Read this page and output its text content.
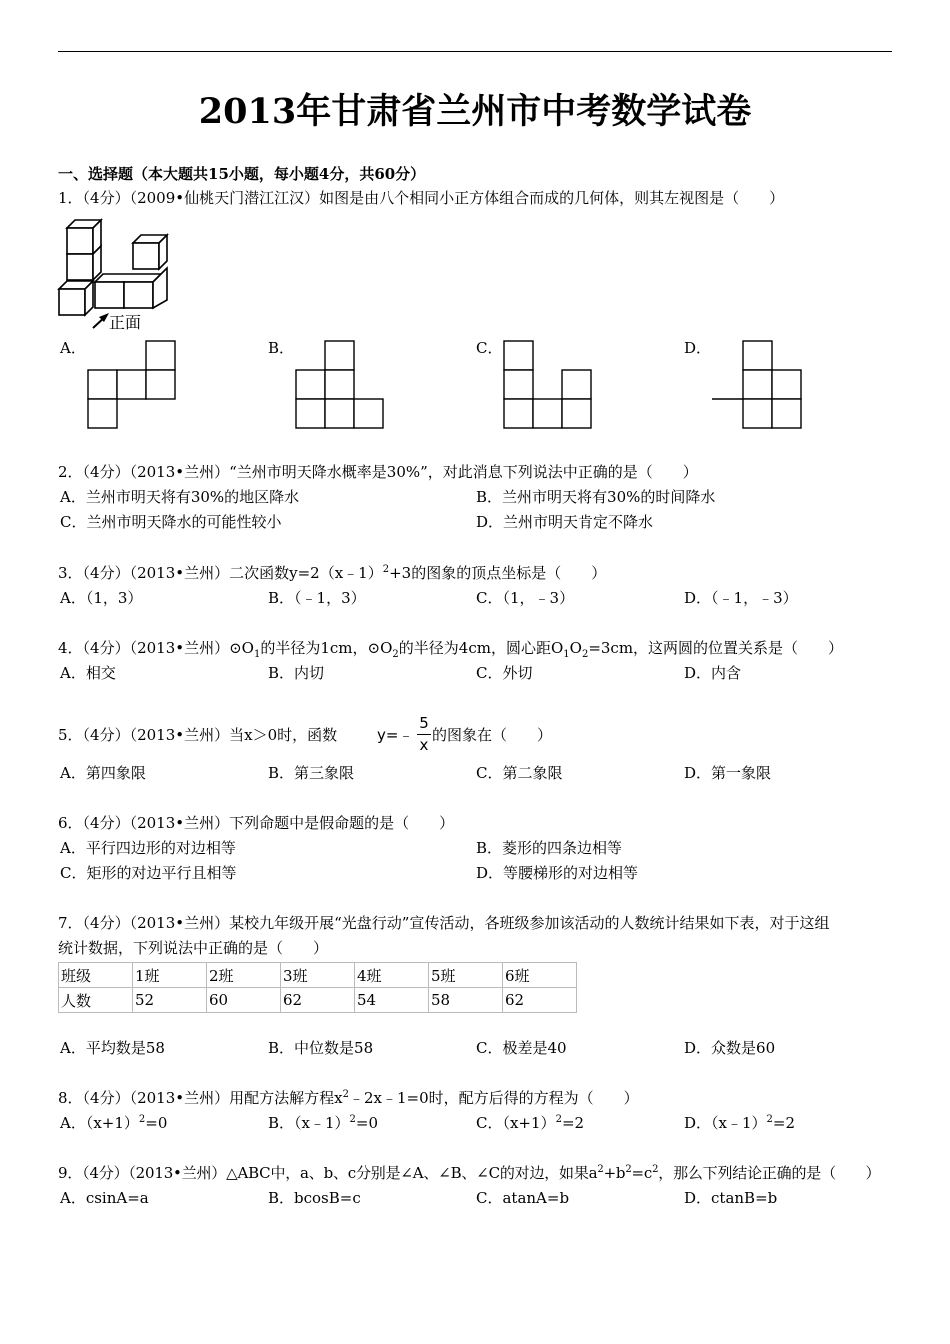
2013年甘肃省兰州市中考数学试卷
一、选择题（本大题共15小题，每小题4分，共60分）
1．（4分）（2009•仙桃天门潜江江汉）如图是由八个相同小正方体组合而成的几何体，则其左视图是（　　）
正面
A．	B．	C．	D．
2．（4分）（2013•兰州）“兰州市明天降水概率是30%”，对此消息下列说法中正确的是（　　）
A．兰州市明天将有30%的地区降水	B．兰州市明天将有30%的时间降水
C．兰州市明天降水的可能性较小	D．兰州市明天肯定不降水
3．（4分）（2013•兰州）二次函数y=2（x﹣1）$^2$+3的图象的顶点坐标是（　　）
A．（1，3）	B．（﹣1，3）	C．（1，﹣3）	D．（﹣1，﹣3）
4．（4分）（2013•兰州）$⊙O_1$的半径为1cm，$⊙O_2$的半径为4cm，圆心距$O_1O_2=3cm$，这两圆的位置关系是（　　）
A．相交	B．内切	C．外切	D．内含
5．（4分）（2013•兰州）当x＞0时，函数	y=﹣
5
x
的图象在（　　）
A．第四象限	B．第三象限	C．第二象限	D．第一象限
6．（4分）（2013•兰州）下列命题中是假命题的是（　　）
A．平行四边形的对边相等	B．菱形的四条边相等
C．矩形的对边平行且相等	D．等腰梯形的对边相等
7．（4分）（2013•兰州）某校九年级开展“光盘行动”宣传活动，各班级参加该活动的人数统计结果如下表，对于这组
统计数据，下列说法中正确的是（　　）
班级	1班	2班	3班	4班	5班	6班
人数	52	60	62	54	58	62
A．平均数是58	B．中位数是58	C．极差是40	D．众数是60
8．（4分）（2013•兰州）用配方法解方程$x^2﹣2x﹣1=0$时，配方后得的方程为（　　）
A．$(x+1)^2=0$	B．（x﹣1）$^2$=0	C．$(x+1)^2=2$	D．（x﹣1）$^2$=2
9．（4分）（2013•兰州）△ABC中，a、b、c分别是∠A、∠B、∠C的对边，如果$a^2+b^2=c^2$，那么下列结论正确的是（　　）
A．csinA=a	B．bcosB=c	C．atanA=b	D．ctanB=b
